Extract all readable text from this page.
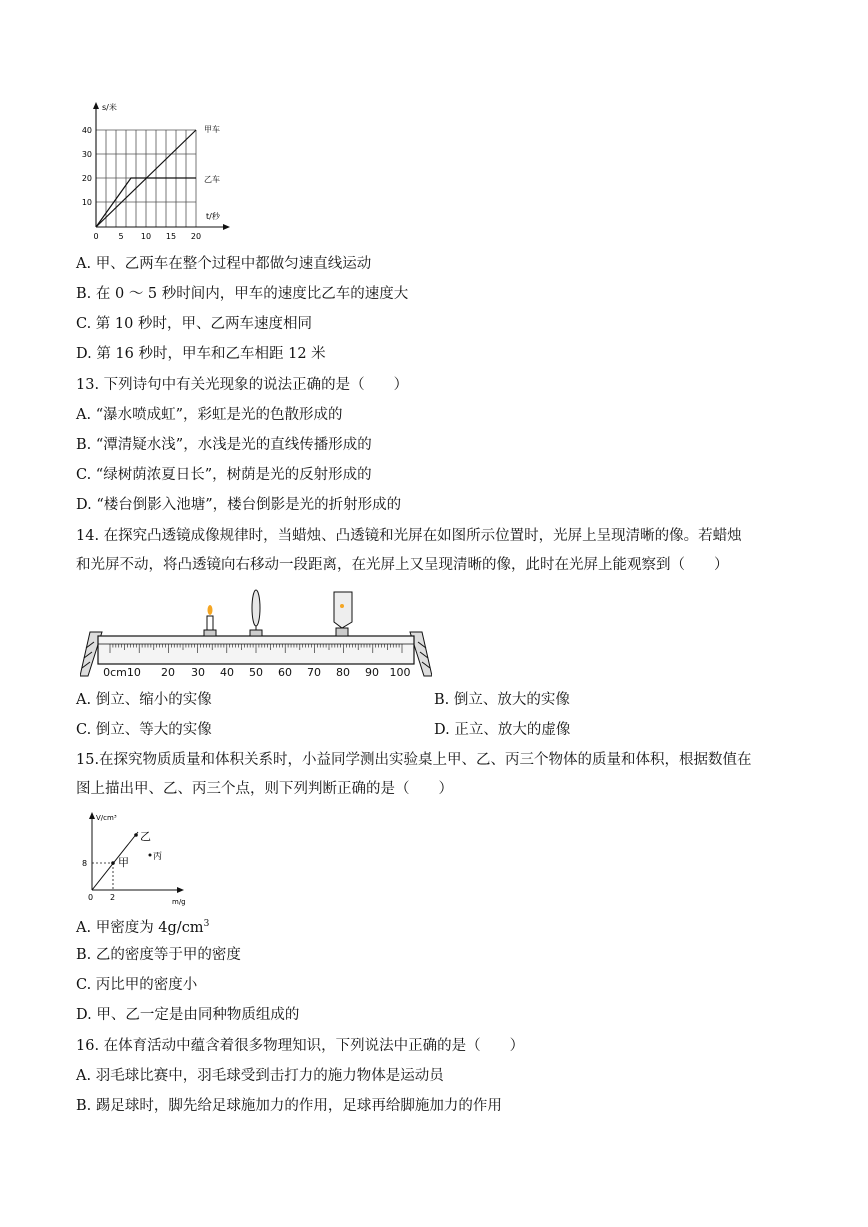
s/米
t/秒
甲车
乙车
40
30
20
10
0 5 10 15 20
A. 甲、乙两车在整个过程中都做匀速直线运动
B. 在 0 ～ 5 秒时间内，甲车的速度比乙车的速度大
C. 第 10 秒时，甲、乙两车速度相同
D. 第 16 秒时，甲车和乙车相距 12 米
13. 下列诗句中有关光现象的说法正确的是（　　）
A. “瀑水喷成虹”，彩虹是光的色散形成的
B. “潭清疑水浅”，水浅是光的直线传播形成的
C. “绿树荫浓夏日长”，树荫是光的反射形成的
D. “楼台倒影入池塘”，楼台倒影是光的折射形成的
14. 在探究凸透镜成像规律时，当蜡烛、凸透镜和光屏在如图所示位置时，光屏上呈现清晰的像。若蜡烛
和光屏不动，将凸透镜向右移动一段距离，在光屏上又呈现清晰的像，此时在光屏上能观察到（　　）
0cm10 20 30 40 50 60 70 80 90 100
A. 倒立、缩小的实像	B. 倒立、放大的实像
C. 倒立、等大的实像	D. 正立、放大的虚像
15.在探究物质质量和体积关系时，小益同学测出实验桌上甲、乙、丙三个物体的质量和体积，根据数值在
图上描出甲、乙、丙三个点，则下列判断正确的是（　　）
V/cm³
m/g
0
8
2
甲
乙
丙
A. 甲密度为 $4g/cm^3$
B. 乙的密度等于甲的密度
C. 丙比甲的密度小
D. 甲、乙一定是由同种物质组成的
16. 在体育活动中蕴含着很多物理知识，下列说法中正确的是（　　）
A. 羽毛球比赛中，羽毛球受到击打力的施力物体是运动员
B. 踢足球时，脚先给足球施加力的作用，足球再给脚施加力的作用
